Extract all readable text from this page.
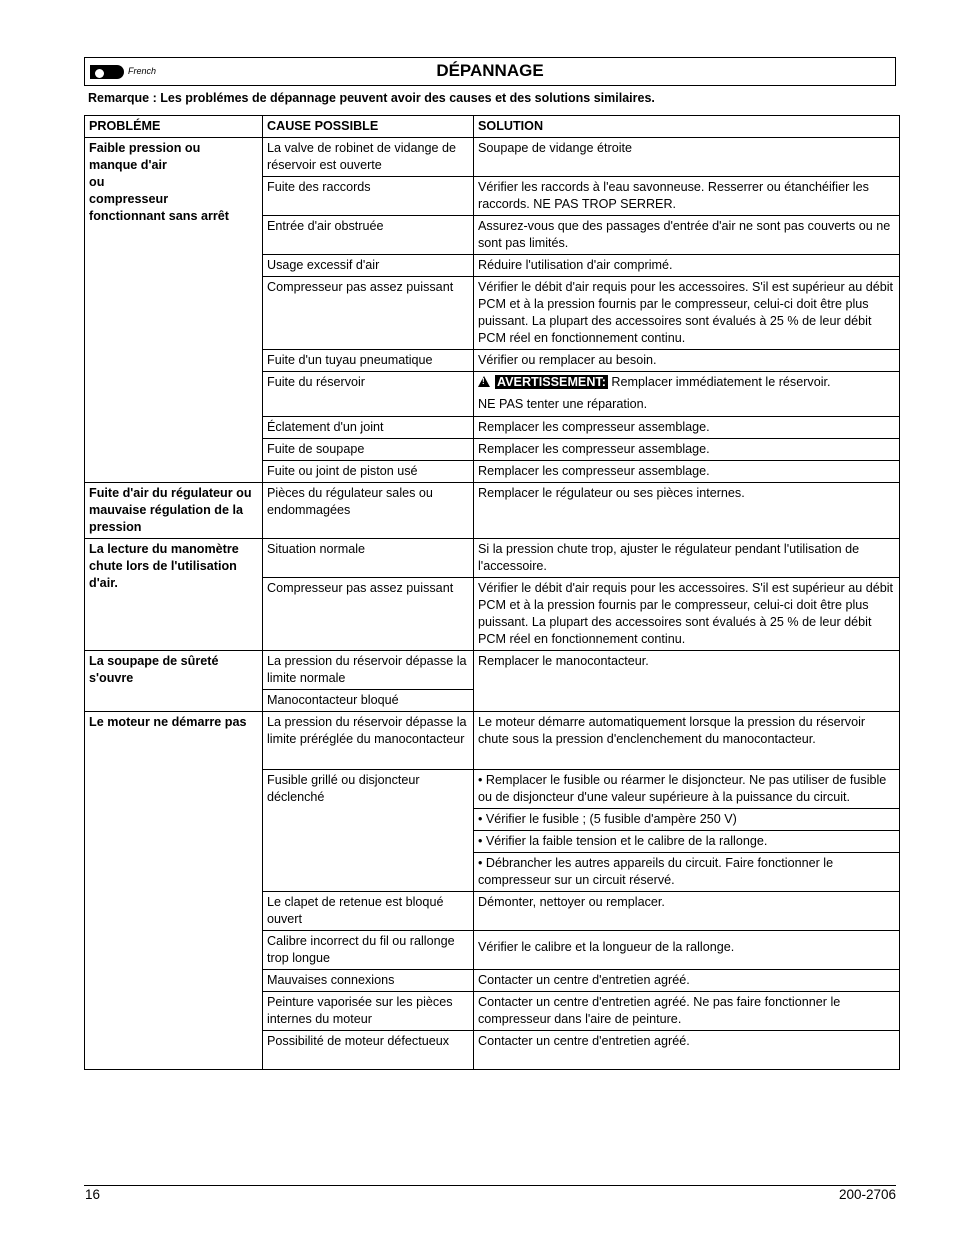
French	DÉPANNAGE
Remarque : Les problémes de dépannage peuvent avoir des causes et des solutions similaires.
PROBLÉME	CAUSE POSSIBLE	SOLUTION
Faible pression ou
manque d'air
ou
compresseur
fonctionnant sans arrêt	La valve de robinet de vidange de réservoir est ouverte	Soupape de vidange étroite
	Fuite des raccords	Vérifier les raccords à l'eau savonneuse. Resserrer ou étanchéifier les raccords. NE PAS TROP SERRER.
	Entrée d'air obstruée	Assurez-vous que des passages d'entrée d'air ne sont pas couverts ou ne sont pas limités.
	Usage excessif d'air	Réduire l'utilisation d'air comprimé.
	Compresseur pas assez puissant	Vérifier le débit d'air requis pour les accessoires. S'il est supérieur au débit PCM et à la pression fournis par le compresseur, celui-ci doit être plus puissant. La plupart des accessoires sont évalués à 25 % de leur débit PCM réel en fonctionnement continu.
	Fuite d'un tuyau pneumatique	Vérifier ou remplacer au besoin.
	Fuite du réservoir	!AVERTISSEMENT: Remplacer immédiatement le réservoir.
NE PAS tenter une réparation.

	Éclatement d'un joint	Remplacer les compresseur assemblage.
	Fuite de soupape	Remplacer les compresseur assemblage.
	Fuite ou joint de piston usé	Remplacer les compresseur assemblage.
Fuite d'air du régulateur ou mauvaise régulation de la pression	Pièces du régulateur sales ou endommagées	Remplacer le régulateur ou ses pièces internes.
La lecture du manomètre chute lors de l'utilisation d'air.	Situation normale	Si la pression chute trop, ajuster le régulateur pendant l'utilisation de l'accessoire.
	Compresseur pas assez puissant	Vérifier le débit d'air requis pour les accessoires. S'il est supérieur au débit PCM et à la pression fournis par le compresseur, celui-ci doit être plus puissant. La plupart des accessoires sont évalués à 25 % de leur débit PCM réel en fonctionnement continu.
La soupape de sûreté s'ouvre	La pression du réservoir dépasse la limite normale	Remplacer le manocontacteur.
	Manocontacteur bloqué	
Le moteur ne démarre pas	La pression du réservoir dépasse la limite préréglée du manocontacteur	Le moteur démarre automatiquement lorsque la pression du réservoir chute sous la pression d'enclenchement du manocontacteur.
	Fusible grillé ou disjoncteur déclenché	• Remplacer le fusible ou réarmer le disjoncteur. Ne pas utiliser de fusible ou de disjoncteur d'une valeur supérieure à la puissance du circuit.
		• Vérifier le fusible ; (5 fusible d'ampère 250 V)
		• Vérifier la faible tension et le calibre de la rallonge.
		• Débrancher les autres appareils du circuit. Faire fonctionner le compresseur sur un circuit réservé.
	Le clapet de retenue est bloqué ouvert	Démonter, nettoyer ou remplacer.
	Calibre incorrect du fil ou rallonge trop longue	Vérifier le calibre et la longueur de la rallonge.
	Mauvaises connexions	Contacter un centre d'entretien agréé.
	Peinture vaporisée sur les pièces internes du moteur	Contacter un centre d'entretien agréé. Ne pas faire fonctionner le compresseur dans l'aire de peinture.
	Possibilité de moteur défectueux	Contacter un centre d'entretien agréé.
16	200-2706
